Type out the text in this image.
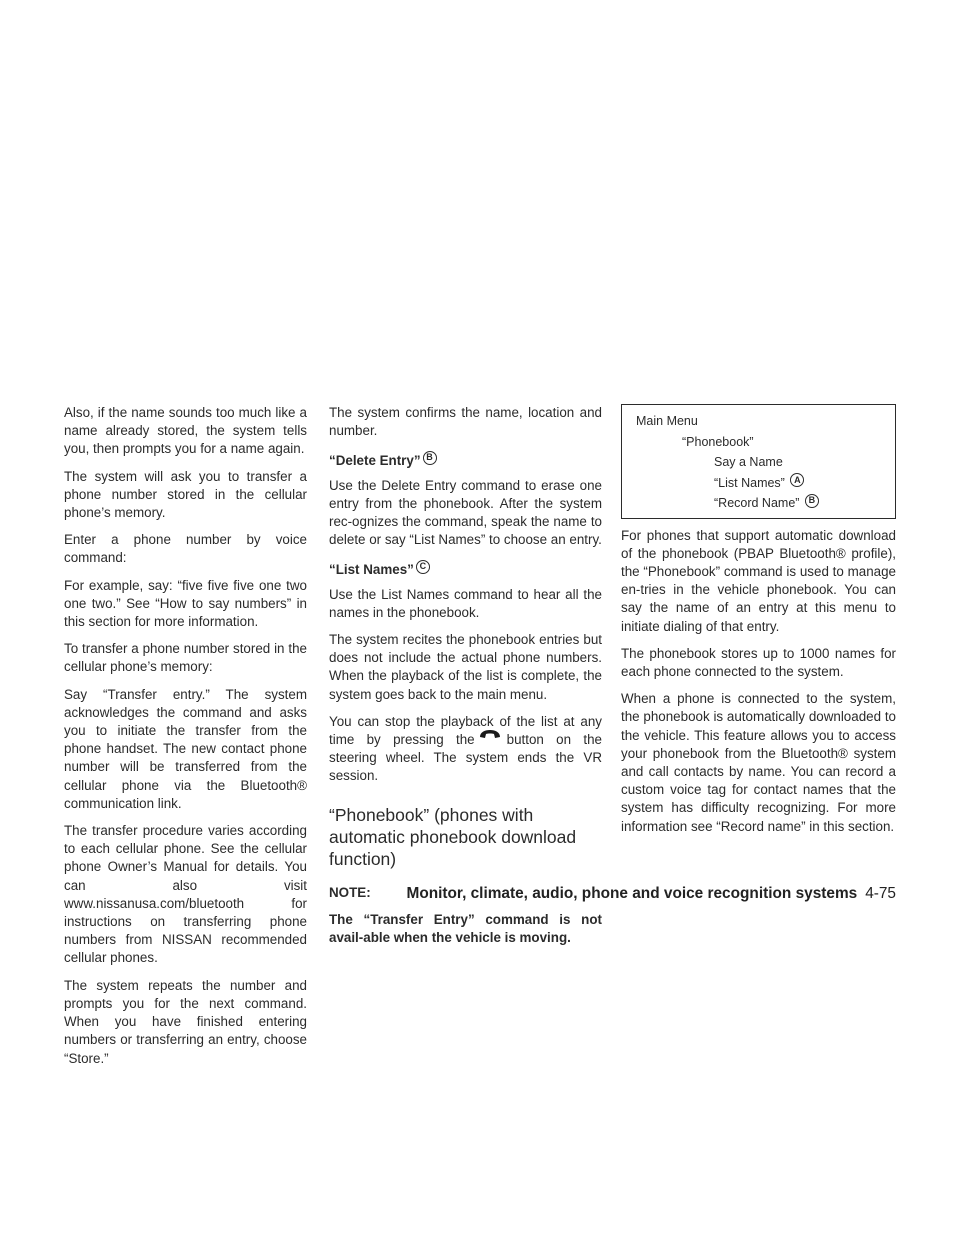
Also, if the name sounds too much like a name already stored, the system tells you, then prompts you for a name again.

The system will ask you to transfer a phone number stored in the cellular phone’s memory.

Enter a phone number by voice command:

For example, say: “five five five one two one two.” See “How to say numbers” in this section for more information.

To transfer a phone number stored in the cellular phone’s memory:

Say “Transfer entry.” The system acknowledges the command and asks you to initiate the transfer from the phone handset. The new contact phone number will be transferred from the cellular phone via the Bluetooth® communication link.

The transfer procedure varies according to each cellular phone. See the cellular phone Owner’s Manual for details. You can also visit www.nissanusa.com/bluetooth for instructions on transferring phone numbers from NISSAN recommended cellular phones.

The system repeats the number and prompts you for the next command. When you have finished entering numbers or transferring an entry, choose “Store.”

The system confirms the name, location and number.

“Delete Entry” B

Use the Delete Entry command to erase one entry from the phonebook. After the system rec-ognizes the command, speak the name to delete or say “List Names” to choose an entry.

“List Names” C

Use the List Names command to hear all the names in the phonebook.

The system recites the phonebook entries but does not include the actual phone numbers. When the playback of the list is complete, the system goes back to the main menu.

You can stop the playback of the list at any time by pressing the button on the steering wheel. The system ends the VR session.

“Phonebook” (phones with automatic phonebook download function)

NOTE:

The “Transfer Entry” command is not avail-able when the vehicle is moving.

Main Menu
“Phonebook”
Say a Name
“List Names” A
“Record Name” B

For phones that support automatic download of the phonebook (PBAP Bluetooth® profile), the “Phonebook” command is used to manage en-tries in the vehicle phonebook. You can say the name of an entry at this menu to initiate dialing of that entry.

The phonebook stores up to 1000 names for each phone connected to the system.

When a phone is connected to the system, the phonebook is automatically downloaded to the vehicle. This feature allows you to access your phonebook from the Bluetooth® system and call contacts by name. You can record a custom voice tag for contact names that the system has difficulty recognizing. For more information see “Record name” in this section.

Monitor, climate, audio, phone and voice recognition systems 4-75
